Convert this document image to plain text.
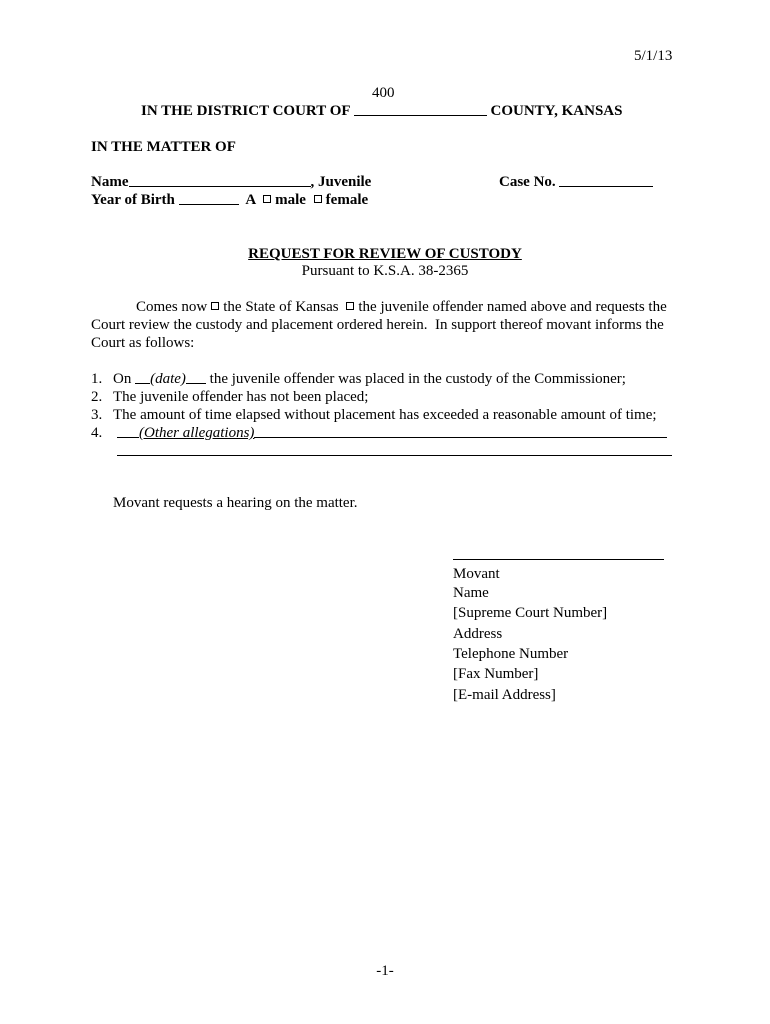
5/1/13
400
IN THE DISTRICT COURT OF	COUNTY, KANSAS
IN THE MATTER OF
Name	, Juvenile	Case No.
Year of Birth	A male female
REQUEST FOR REVIEW OF CUSTODY
Pursuant to K.S.A. 38-2365
Comes now the State of Kansas the juvenile offender named above and requests the
Court review the custody and placement ordered herein.  In support thereof movant informs the
Court as follows:
1. On (date) the juvenile offender was placed in the custody of the Commissioner;
2. The juvenile offender has not been placed;
3. The amount of time elapsed without placement has exceeded a reasonable amount of time;
4.	(Other allegations)
Movant requests a hearing on the matter.
Movant
Name
[Supreme Court Number]
Address
Telephone Number
[Fax Number]
[E-mail Address]
-1-
